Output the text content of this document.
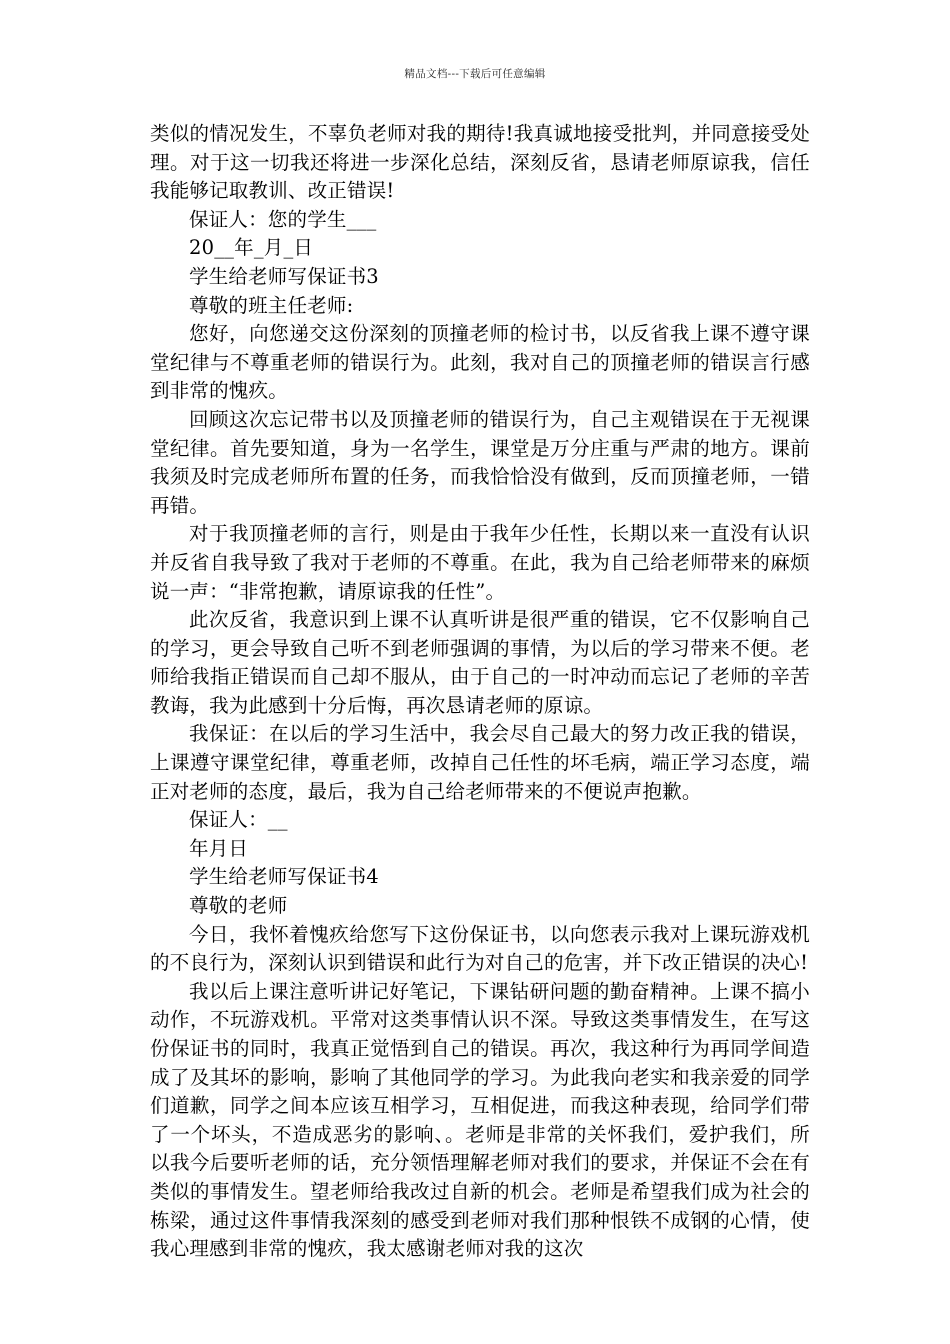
精品文档---下载后可任意编辑

类似的情况发生，不辜负老师对我的期待!我真诚地接受批判，并同意接受处理。对于这一切我还将进一步深化总结，深刻反省，恳请老师原谅我，信任我能够记取教训、改正错误!

保证人：您的学生___

20__年_月_日

学生给老师写保证书3

尊敬的班主任老师:

您好，向您递交这份深刻的顶撞老师的检讨书，以反省我上课不遵守课堂纪律与不尊重老师的错误行为。此刻，我对自己的顶撞老师的错误言行感到非常的愧疚。

回顾这次忘记带书以及顶撞老师的错误行为，自己主观错误在于无视课堂纪律。首先要知道，身为一名学生，课堂是万分庄重与严肃的地方。课前我须及时完成老师所布置的任务，而我恰恰没有做到，反而顶撞老师，一错再错。

对于我顶撞老师的言行，则是由于我年少任性，长期以来一直没有认识并反省自我导致了我对于老师的不尊重。在此，我为自己给老师带来的麻烦说一声：“非常抱歉，请原谅我的任性”。

此次反省，我意识到上课不认真听讲是很严重的错误，它不仅影响自己的学习，更会导致自己听不到老师强调的事情，为以后的学习带来不便。老师给我指正错误而自己却不服从，由于自己的一时冲动而忘记了老师的辛苦教诲，我为此感到十分后悔，再次恳请老师的原谅。

我保证：在以后的学习生活中，我会尽自己最大的努力改正我的错误，上课遵守课堂纪律，尊重老师，改掉自己任性的坏毛病，端正学习态度，端正对老师的态度，最后，我为自己给老师带来的不便说声抱歉。

保证人：__

年月日

学生给老师写保证书4

尊敬的老师

今日，我怀着愧疚给您写下这份保证书，以向您表示我对上课玩游戏机的不良行为，深刻认识到错误和此行为对自己的危害，并下改正错误的决心!

我以后上课注意听讲记好笔记，下课钻研问题的勤奋精神。上课不搞小动作，不玩游戏机。平常对这类事情认识不深。导致这类事情发生，在写这份保证书的同时，我真正觉悟到自己的错误。再次，我这种行为再同学间造成了及其坏的影响，影响了其他同学的学习。为此我向老实和我亲爱的同学们道歉，同学之间本应该互相学习，互相促进，而我这种表现，给同学们带了一个坏头，不造成恶劣的影响、。老师是非常的关怀我们，爱护我们，所以我今后要听老师的话，充分领悟理解老师对我们的要求，并保证不会在有类似的事情发生。望老师给我改过自新的机会。老师是希望我们成为社会的栋梁，通过这件事情我深刻的感受到老师对我们那种恨铁不成钢的心情，使我心理感到非常的愧疚，我太感谢老师对我的这次
